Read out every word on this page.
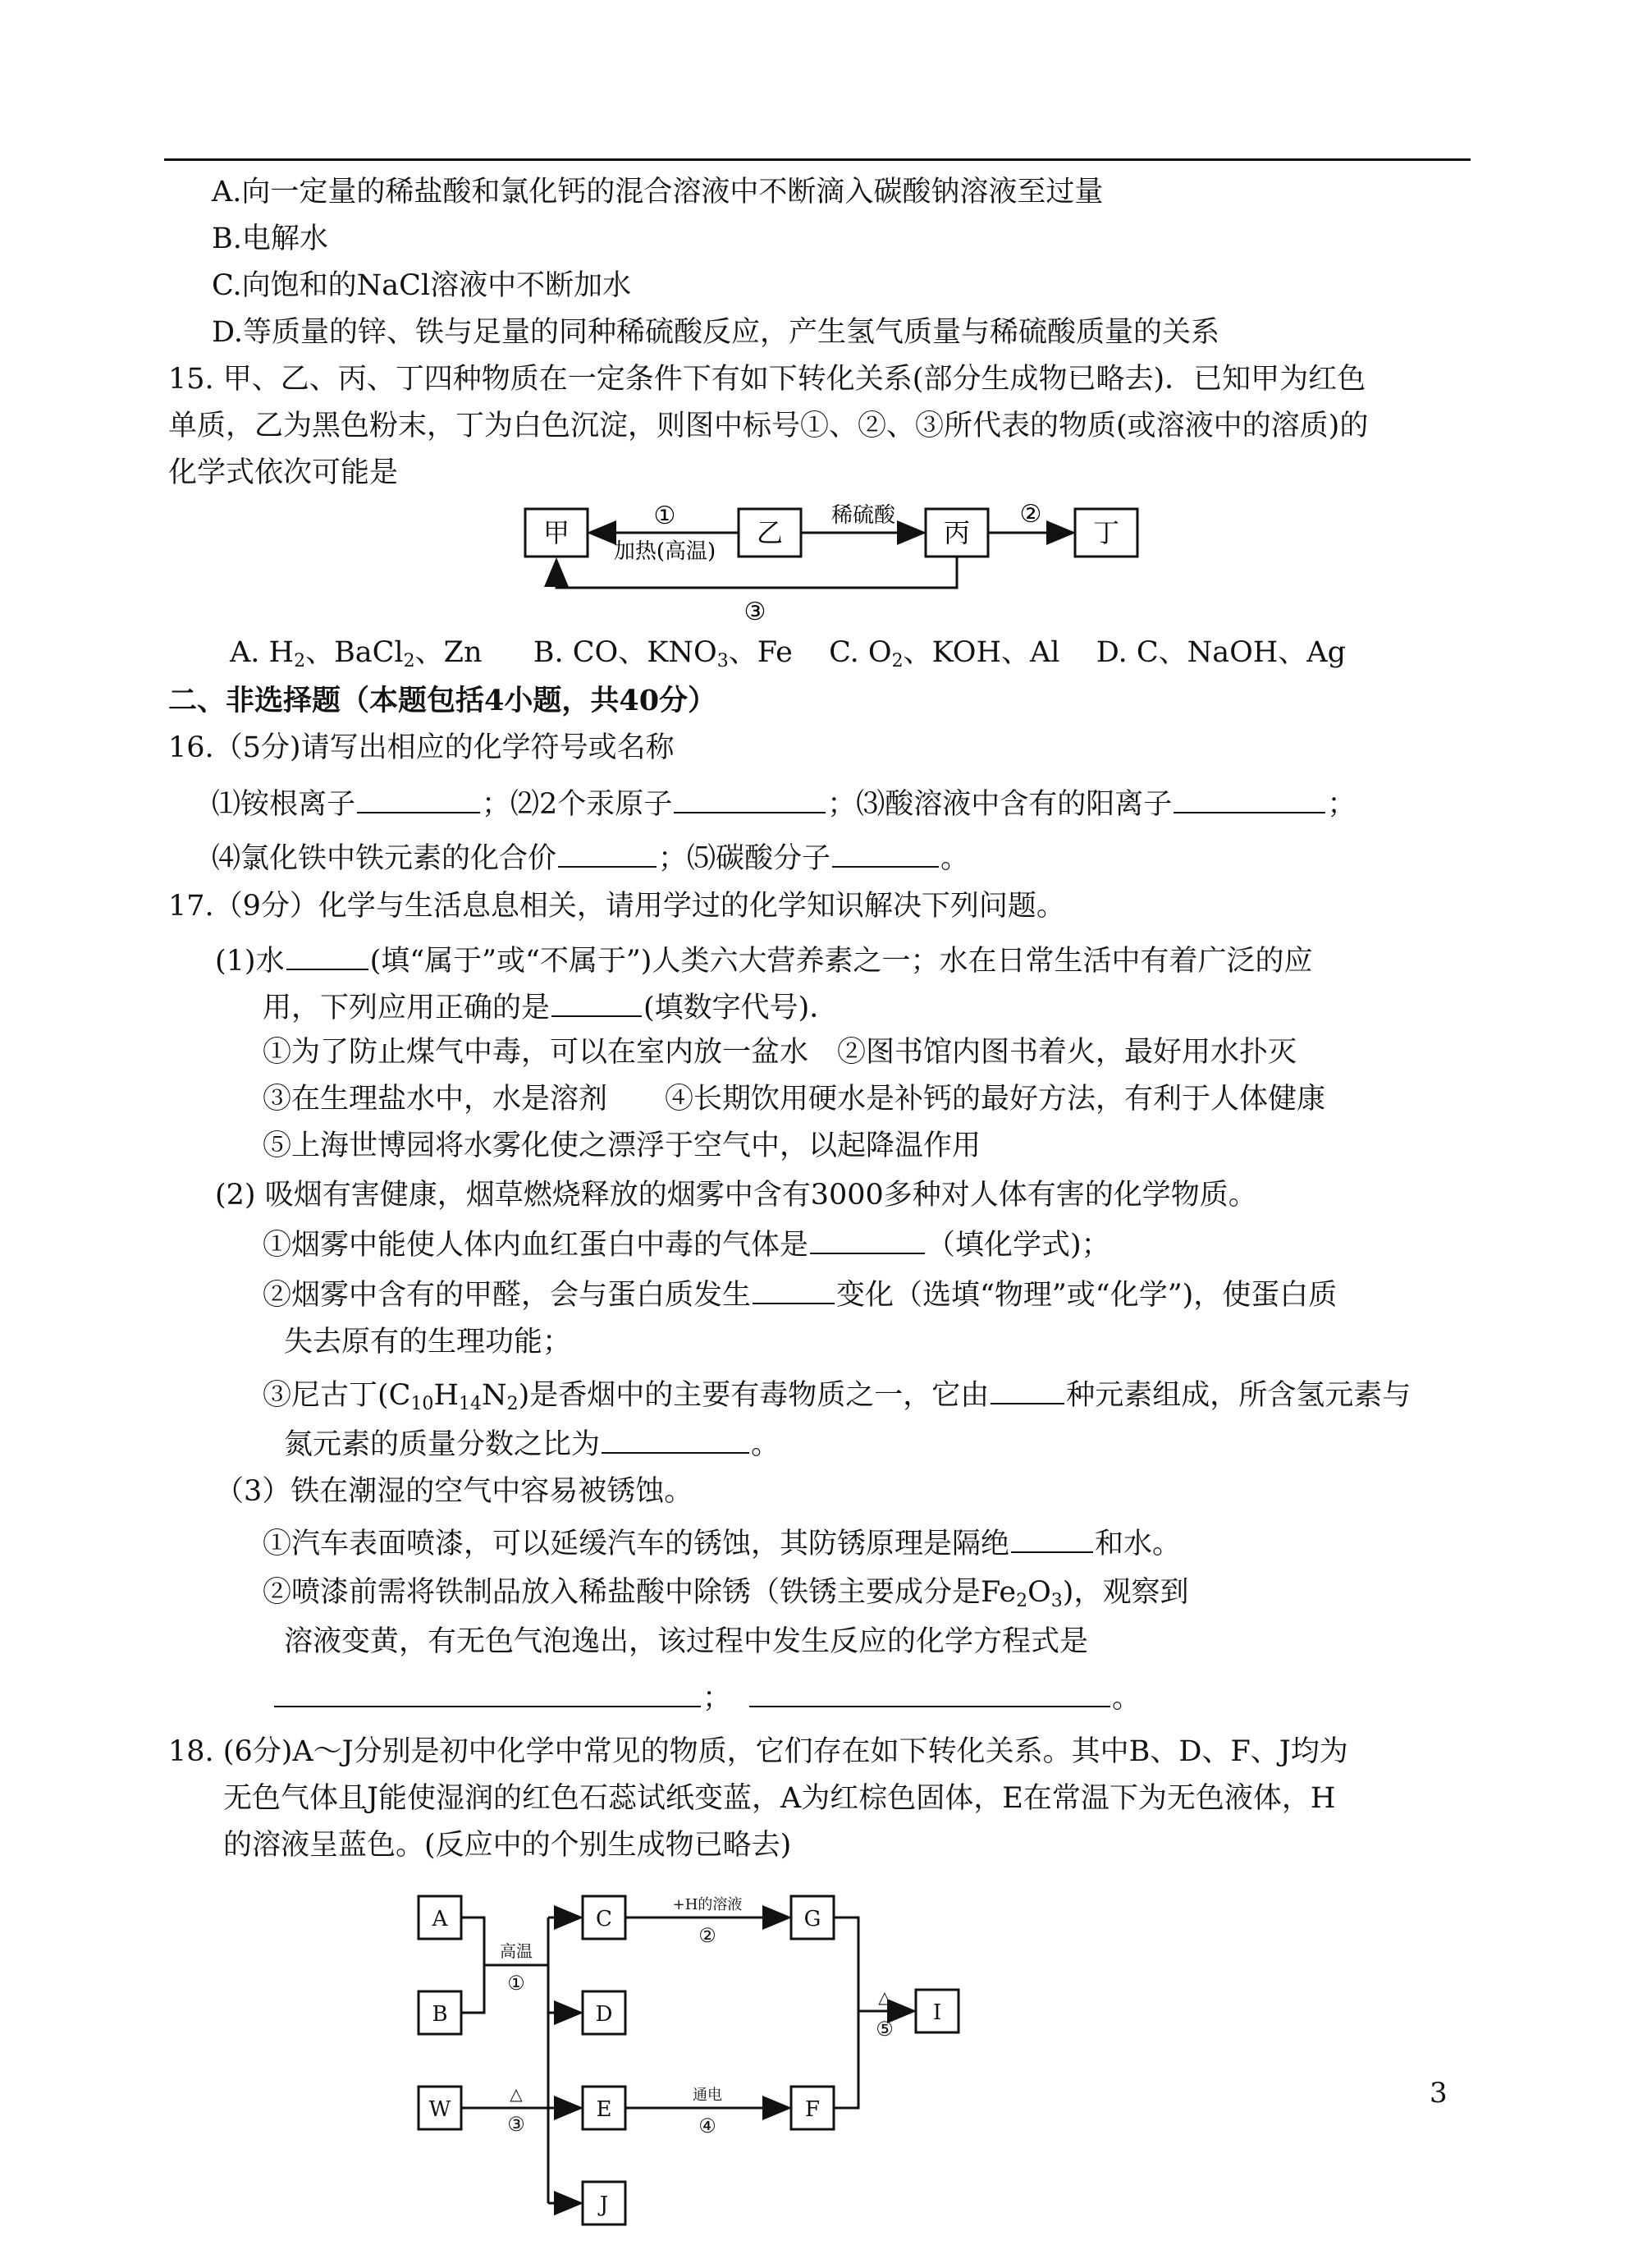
A.向一定量的稀盐酸和氯化钙的混合溶液中不断滴入碳酸钠溶液至过量
B.电解水
C.向饱和的NaCl溶液中不断加水
D.等质量的锌、铁与足量的同种稀硫酸反应，产生氢气质量与稀硫酸质量的关系
15. 甲、乙、丙、丁四种物质在一定条件下有如下转化关系(部分生成物已略去)．已知甲为红色
单质，乙为黑色粉末，丁为白色沉淀，则图中标号①、②、③所代表的物质(或溶液中的溶质)的
化学式依次可能是
甲	乙	丙	丁
①
加热(高温)
稀硫酸	②
③
A. $H_2$、BaCl$_2$、Zn B. CO、$KNO_3$、Fe C. $O_2$、KOH、Al D. C、NaOH、Ag
二、非选择题（本题包括4小题，共40分）
16.（5分)请写出相应的化学符号或名称
⑴铵根离子	；⑵2个汞原子	；⑶酸溶液中含有的阳离子	；
⑷氯化铁中铁元素的化合价	；⑸碳酸分子	。
17.（9分）化学与生活息息相关，请用学过的化学知识解决下列问题。
(1)水	(填“属于”或“不属于”)人类六大营养素之一；水在日常生活中有着广泛的应
用，下列应用正确的是	(填数字代号)．
①为了防止煤气中毒，可以在室内放一盆水　②图书馆内图书着火，最好用水扑灭
③在生理盐水中，水是溶剂　　④长期饮用硬水是补钙的最好方法，有利于人体健康
⑤上海世博园将水雾化使之漂浮于空气中，以起降温作用
(2) 吸烟有害健康，烟草燃烧释放的烟雾中含有3000多种对人体有害的化学物质。
①烟雾中能使人体内血红蛋白中毒的气体是	（填化学式)；
②烟雾中含有的甲醛，会与蛋白质发生	变化（选填“物理”或“化学”)，使蛋白质
失去原有的生理功能；
③尼古丁$(C_{10}H_{14}N_2)$是香烟中的主要有毒物质之一，它由	种元素组成，所含氢元素与
氮元素的质量分数之比为	。
（3）铁在潮湿的空气中容易被锈蚀。
①汽车表面喷漆，可以延缓汽车的锈蚀，其防锈原理是隔绝	和水。
②喷漆前需将铁制品放入稀盐酸中除锈（铁锈主要成分是$Fe_2O_3$)，观察到
溶液变黄，有无色气泡逸出，该过程中发生反应的化学方程式是
；	。
18. (6分)A～J分别是初中化学中常见的物质，它们存在如下转化关系。其中B、D、F、J均为
无色气体且J能使湿润的红色石蕊试纸变蓝，A为红棕色固体，E在常温下为无色液体，H
的溶液呈蓝色。(反应中的个别生成物已略去)
A
B
W
C
D
E
J
G
F
I
高温
①
+H的溶液
②
△
③
通电
④
△
⑤
3
